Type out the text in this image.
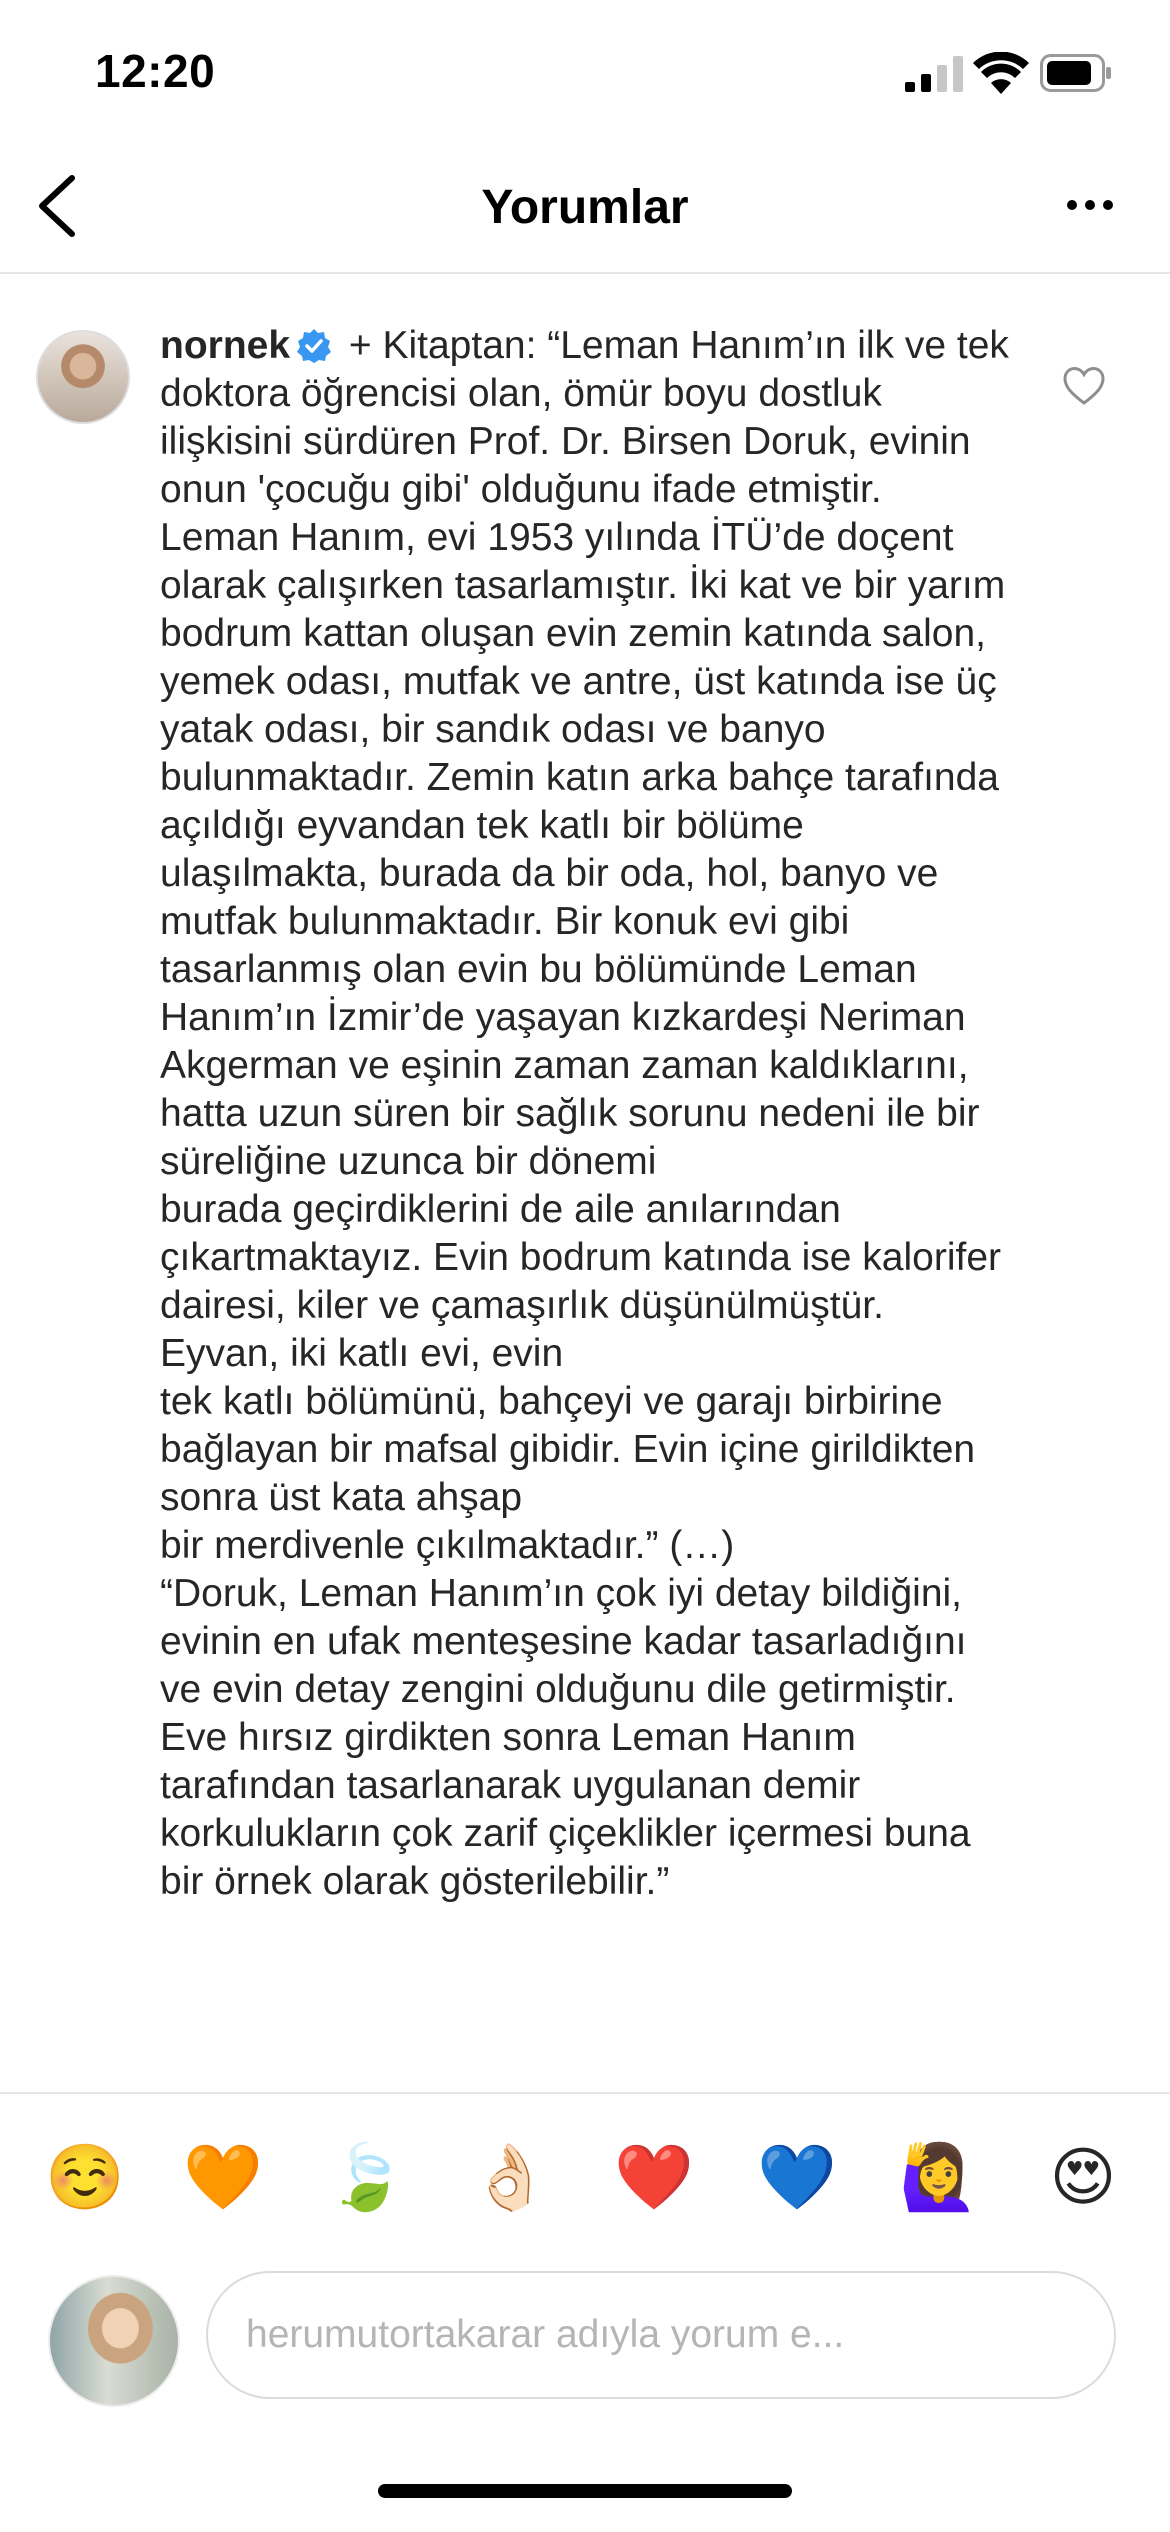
12:20
Yorumlar

nornek + Kitaptan: “Leman Hanım’ın ilk ve tek doktora öğrencisi olan, ömür boyu dostluk ilişkisini sürdüren Prof. Dr. Birsen Doruk, evinin onun 'çocuğu gibi' olduğunu ifade etmiştir. Leman Hanım, evi 1953 yılında İTÜ’de doçent olarak çalışırken tasarlamıştır. İki kat ve bir yarım bodrum kattan oluşan evin zemin katında salon, yemek odası, mutfak ve antre, üst katında ise üç yatak odası, bir sandık odası ve banyo bulunmaktadır. Zemin katın arka bahçe tarafında açıldığı eyvandan tek katlı bir bölüme ulaşılmakta, burada da bir oda, hol, banyo ve mutfak bulunmaktadır. Bir konuk evi gibi tasarlanmış olan evin bu bölümünde Leman Hanım’ın İzmir’de yaşayan kızkardeşi Neriman Akgerman ve eşinin zaman zaman kaldıklarını, hatta uzun süren bir sağlık sorunu nedeni ile bir süreliğine uzunca bir dönemi
burada geçirdiklerini de aile anılarından çıkartmaktayız. Evin bodrum katında ise kalorifer dairesi, kiler ve çamaşırlık düşünülmüştür. Eyvan, iki katlı evi, evin
tek katlı bölümünü, bahçeyi ve garajı birbirine bağlayan bir mafsal gibidir. Evin içine girildikten sonra üst kata ahşap
bir merdivenle çıkılmaktadır.” (…)
“Doruk, Leman Hanım’ın çok iyi detay bildiğini, evinin en ufak menteşesine kadar tasarladığını ve evin detay zengini olduğunu dile getirmiştir. Eve hırsız girdikten sonra Leman Hanım tarafından tasarlanarak uygulanan demir korkulukların çok zarif çiçeklikler içermesi buna bir örnek olarak gösterilebilir.”

☺️ 🧡 🍃 👌🏻 ❤️ 💙 🙋‍♀️ 😍
herumutortakarar adıyla yorum e...
